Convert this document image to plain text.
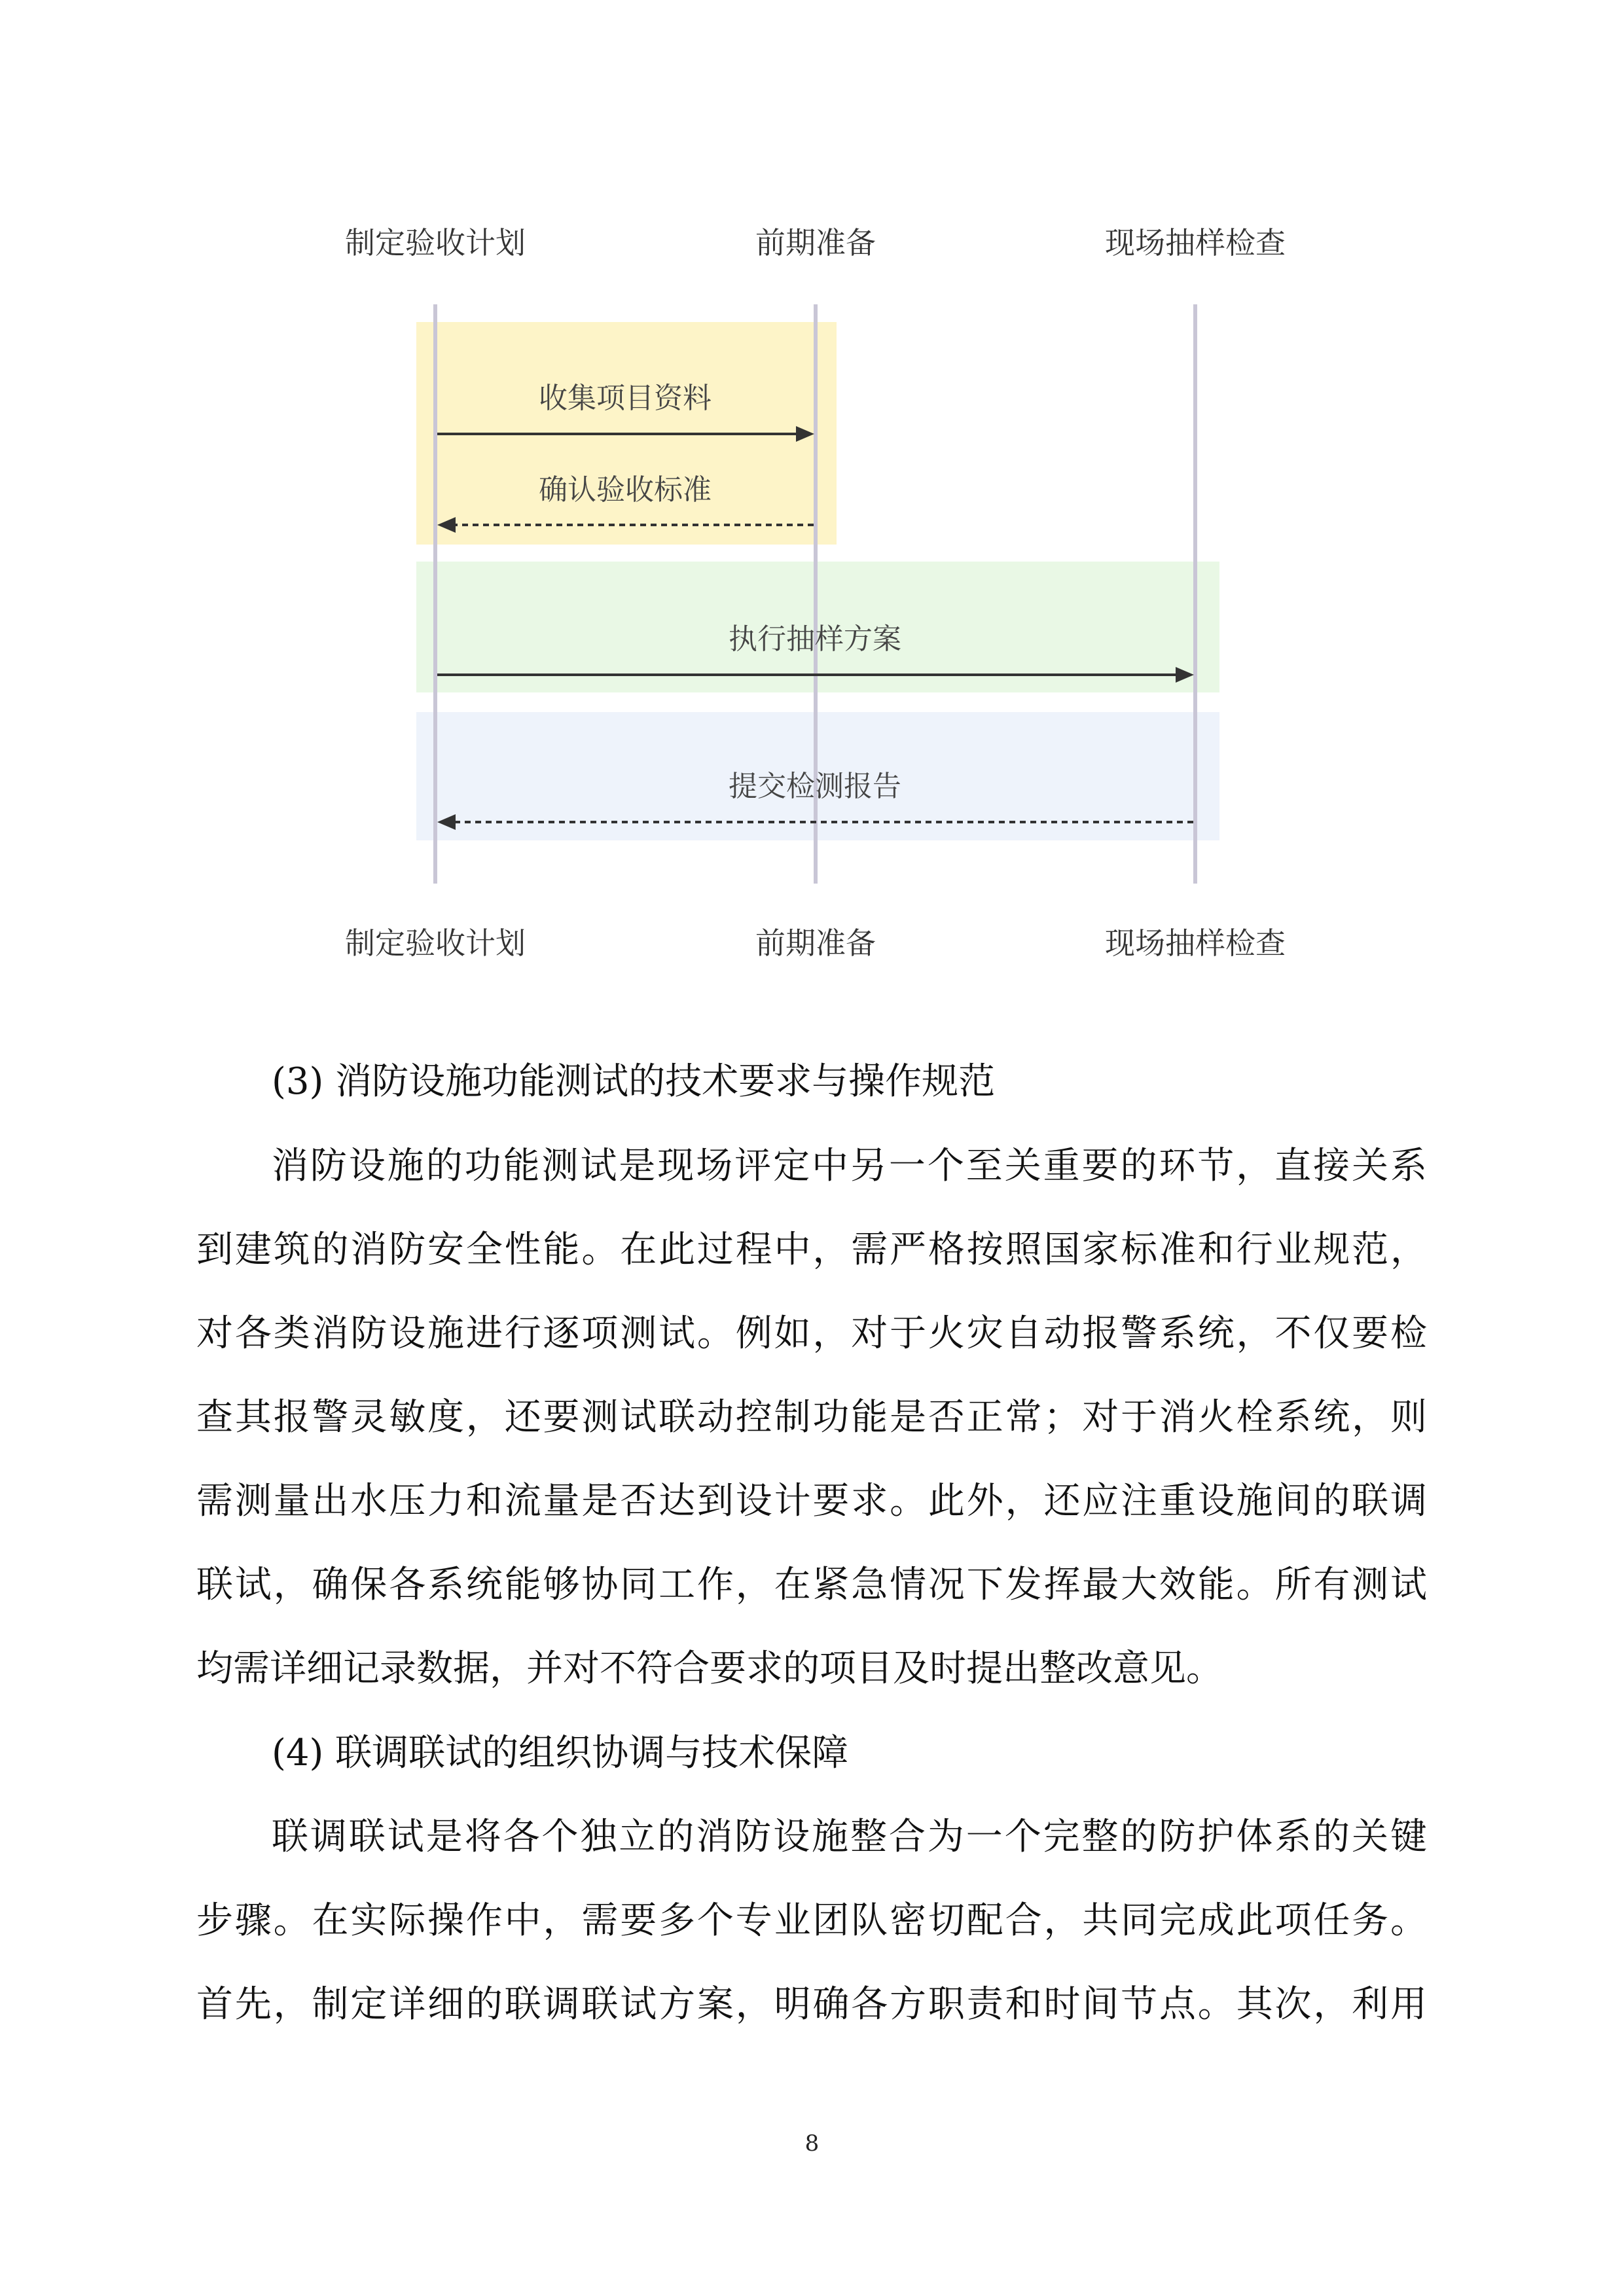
制定验收计划	前期准备	现场抽样检查
制定验收计划	前期准备	现场抽样检查
收集项目资料
确认验收标准
执行抽样方案
提交检测报告
(3) 消防设施功能测试的技术要求与操作规范
消防设施的功能测试是现场评定中另一个至关重要的环节，直接关系
到建筑的消防安全性能。在此过程中，需严格按照国家标准和行业规范，
对各类消防设施进行逐项测试。例如，对于火灾自动报警系统，不仅要检
查其报警灵敏度，还要测试联动控制功能是否正常；对于消火栓系统，则
需测量出水压力和流量是否达到设计要求。此外，还应注重设施间的联调
联试，确保各系统能够协同工作，在紧急情况下发挥最大效能。所有测试
均需详细记录数据，并对不符合要求的项目及时提出整改意见。
(4) 联调联试的组织协调与技术保障
联调联试是将各个独立的消防设施整合为一个完整的防护体系的关键
步骤。在实际操作中，需要多个专业团队密切配合，共同完成此项任务。
首先，制定详细的联调联试方案，明确各方职责和时间节点。其次，利用
8
